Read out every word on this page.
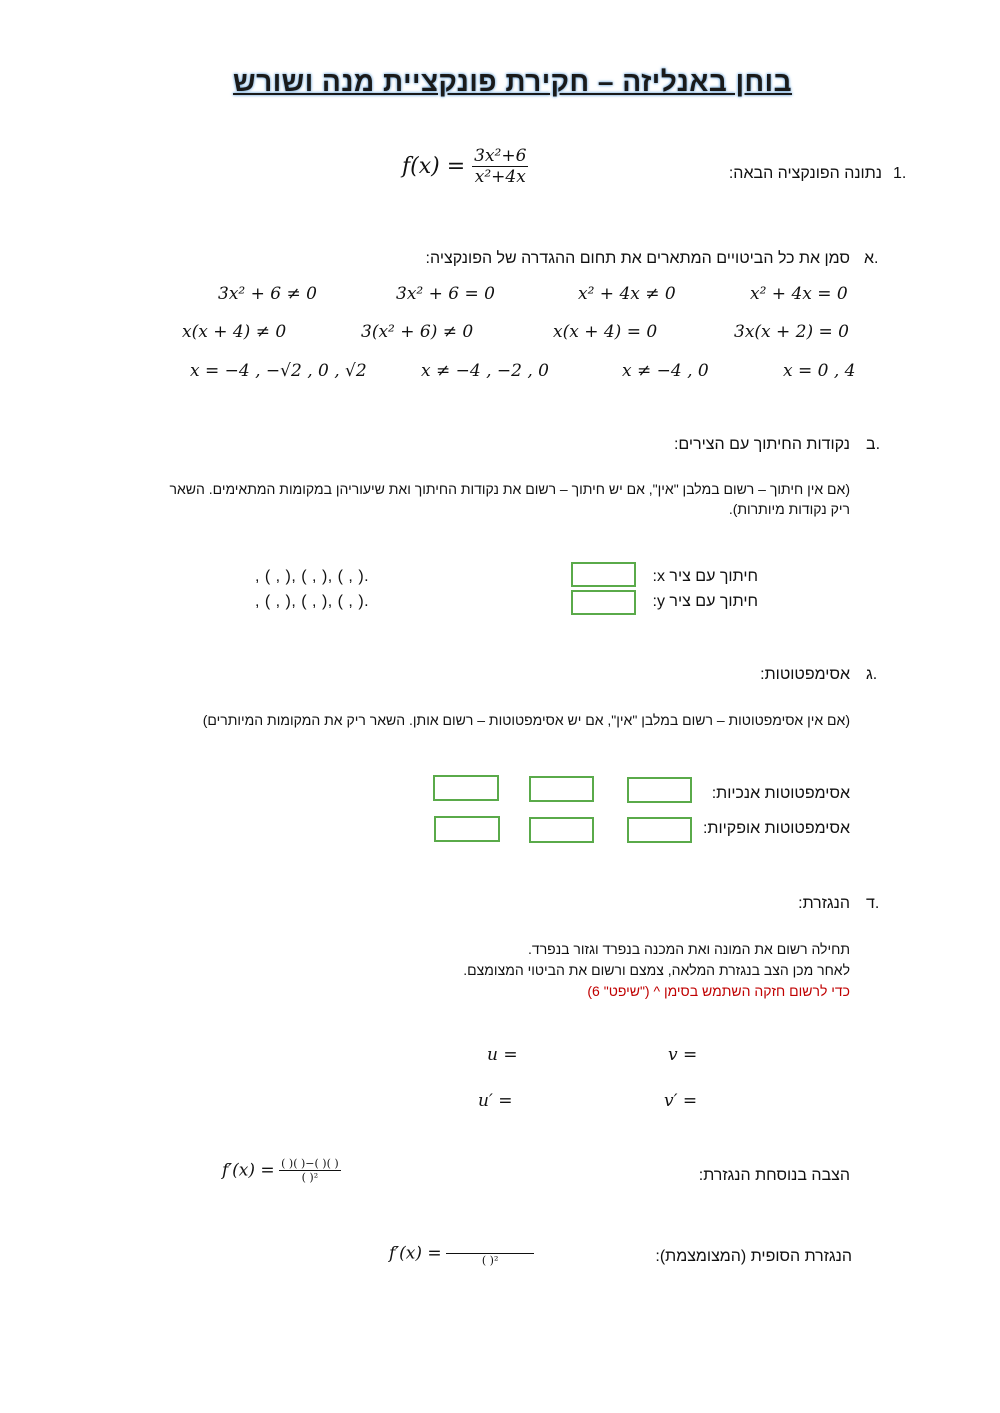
בוחן באנליזה – חקירת פונקציית מנה ושורש
1.
נתונה הפונקציה הבאה:
$f(x) = \frac{\text{3x²+6}}{\text{x²+4x}}$
א.
סמן את כל הביטויים המתארים את תחום ההגדרה של הפונקציה:
x² + 4x = 0
x² + 4x ≠ 0
3x² + 6 = 0
3x² + 6 ≠ 0
3x(x + 2) = 0
x(x + 4) = 0
3(x² + 6) ≠ 0
x(x + 4) ≠ 0
x = 0 , 4
x ≠ −4 , 0
x ≠ −4 , −2 , 0
x = −4 , −√2 , 0 , √2
ב.
נקודות החיתוך עם הצירים:
(אם אין חיתוך – רשום במלבן "אין", אם יש חיתוך – רשום את נקודות החיתוך ואת שיעוריהן במקומות המתאימים. השאר
ריק נקודות מיותרות).
חיתוך עם ציר x:
, ( , ), ( , ), ( , ).
חיתוך עם ציר y:
, ( , ), ( , ), ( , ).
ג.
אסימפטוטות:
(אם אין אסימפטוטות – רשום במלבן "אין", אם יש אסימפטוטות – רשום אותן. השאר ריק את המקומות המיותרים)
אסימפטוטות אנכיות:
אסימפטוטות אופקיות:
ד.
הנגזרת:
תחילה רשום את המונה ואת המכנה בנפרד וגזור בנפרד.
לאחר מכן הצב בנגזרת המלאה, צמצם ורשום את הביטוי המצומצם.
כדי לרשום חזקה השתמש בסימן ^ ("שיפט" 6)
v =
u =
v′ =
u′ =
הצבה בנוסחת הנגזרת:
f′(x) = ( )( )−( )( )
( )²
הנגזרת הסופית (המצומצמת):
f′(x) =
	( )²
